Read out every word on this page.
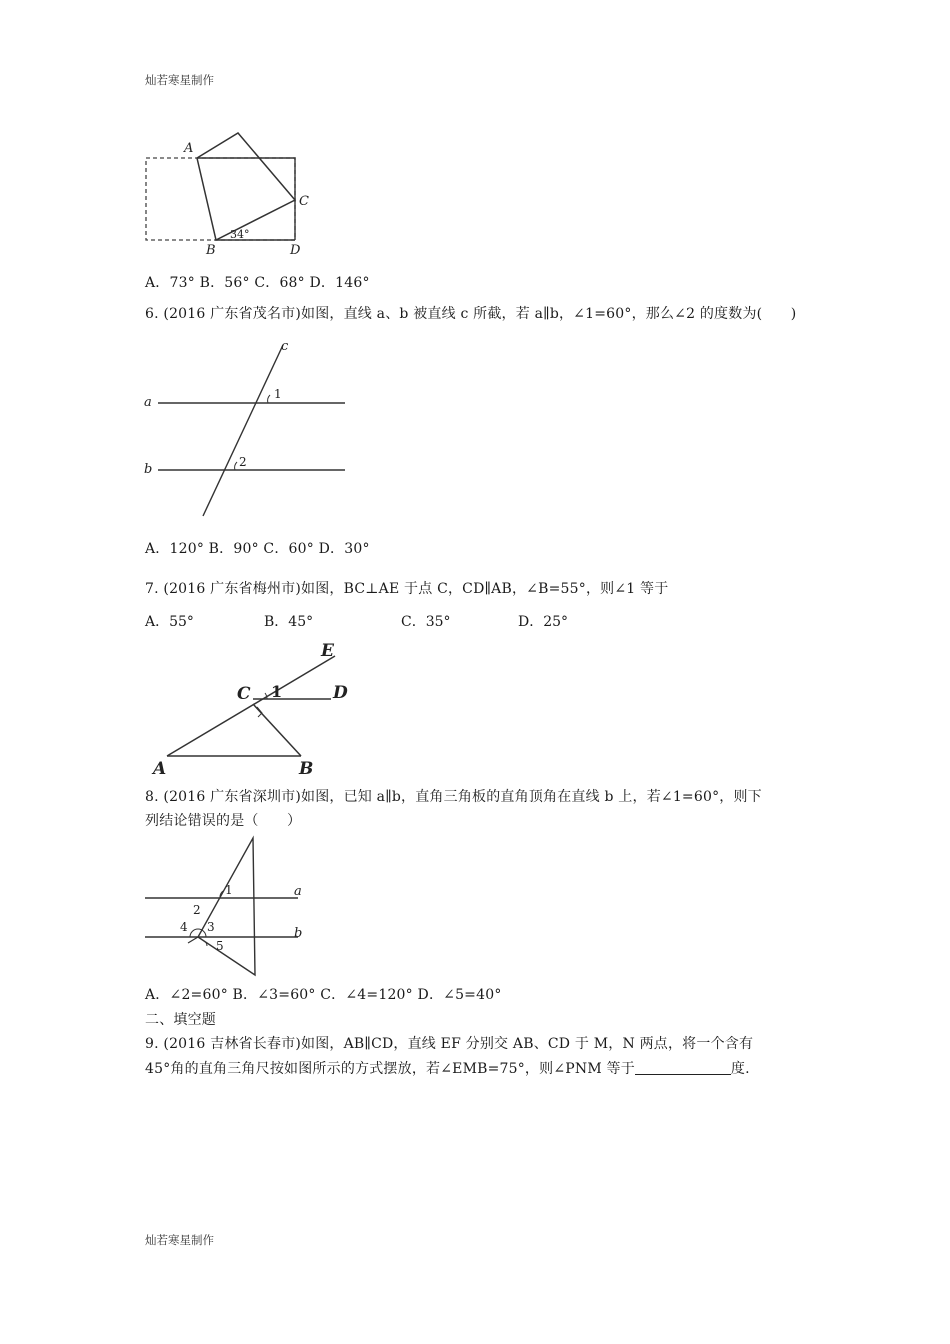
灿若寒星制作
A
B
C
D
34°
A．73° B．56° C．68° D．146°
6. (2016 广东省茂名市)如图，直线 a、b 被直线 c 所截，若 a∥b，∠1=60°，那么∠2 的度数为(　　)
a
b
c
1
2
A．120° B．90° C．60° D．30°
7. (2016 广东省梅州市)如图，BC⊥AE 于点 C，CD∥AB，∠B=55°，则∠1 等于
A．55°	B．45°	C．35°	D．25°
A	B
C	D
E
1
8. (2016 广东省深圳市)如图，已知 a∥b，直角三角板的直角顶角在直线 b 上，若∠1=60°，则下
列结论错误的是（　　）
a
b
1
2
3
4
5
A．∠2=60° B．∠3=60° C．∠4=120° D．∠5=40°
二、填空题
9. (2016 吉林省长春市)如图，AB∥CD，直线 EF 分别交 AB、CD 于 M，N 两点，将一个含有
45°角的直角三角尺按如图所示的方式摆放，若∠EMB=75°，则∠PNM 等于	度.
灿若寒星制作
